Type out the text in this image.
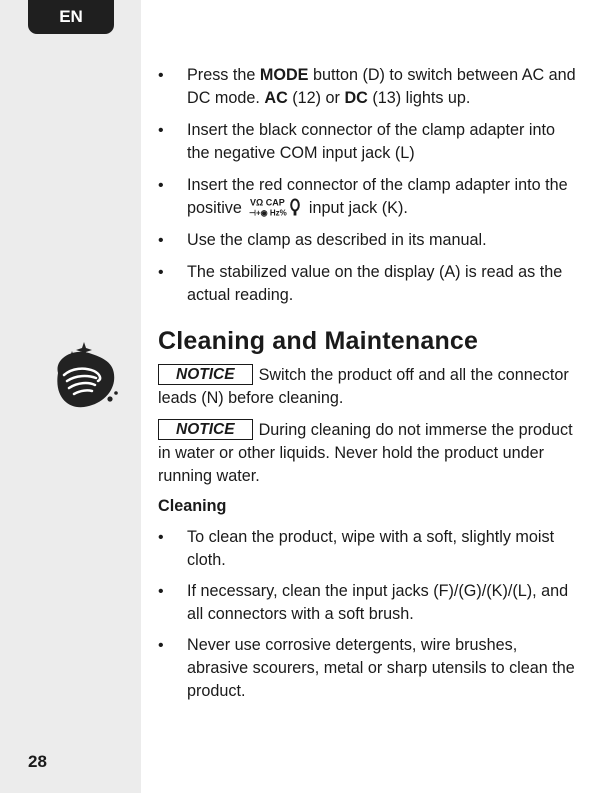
EN
28
• Press the MODE button (D) to switch between AC and DC mode. AC (12) or DC (13) lights up.
• Insert the black connector of the clamp adapter into the negative COM input jack (L)
• Insert the red connector of the clamp adapter into the positive VΩ CAP
⊣+◉ Hz% input jack (K).
• Use the clamp as described in its manual.
• The stabilized value on the display (A) is read as the actual reading.
Cleaning and Maintenance
NOTICE Switch the product off and all the connector leads (N) before cleaning.
NOTICE During cleaning do not immerse the product in water or other liquids. Never hold the product under running water.
Cleaning
• To clean the product, wipe with a soft, slightly moist cloth.
• If necessary, clean the input jacks (F)/(G)/(K)/(L), and all connectors with a soft brush.
• Never use corrosive detergents, wire brushes, abrasive scourers, metal or sharp utensils to clean the product.
